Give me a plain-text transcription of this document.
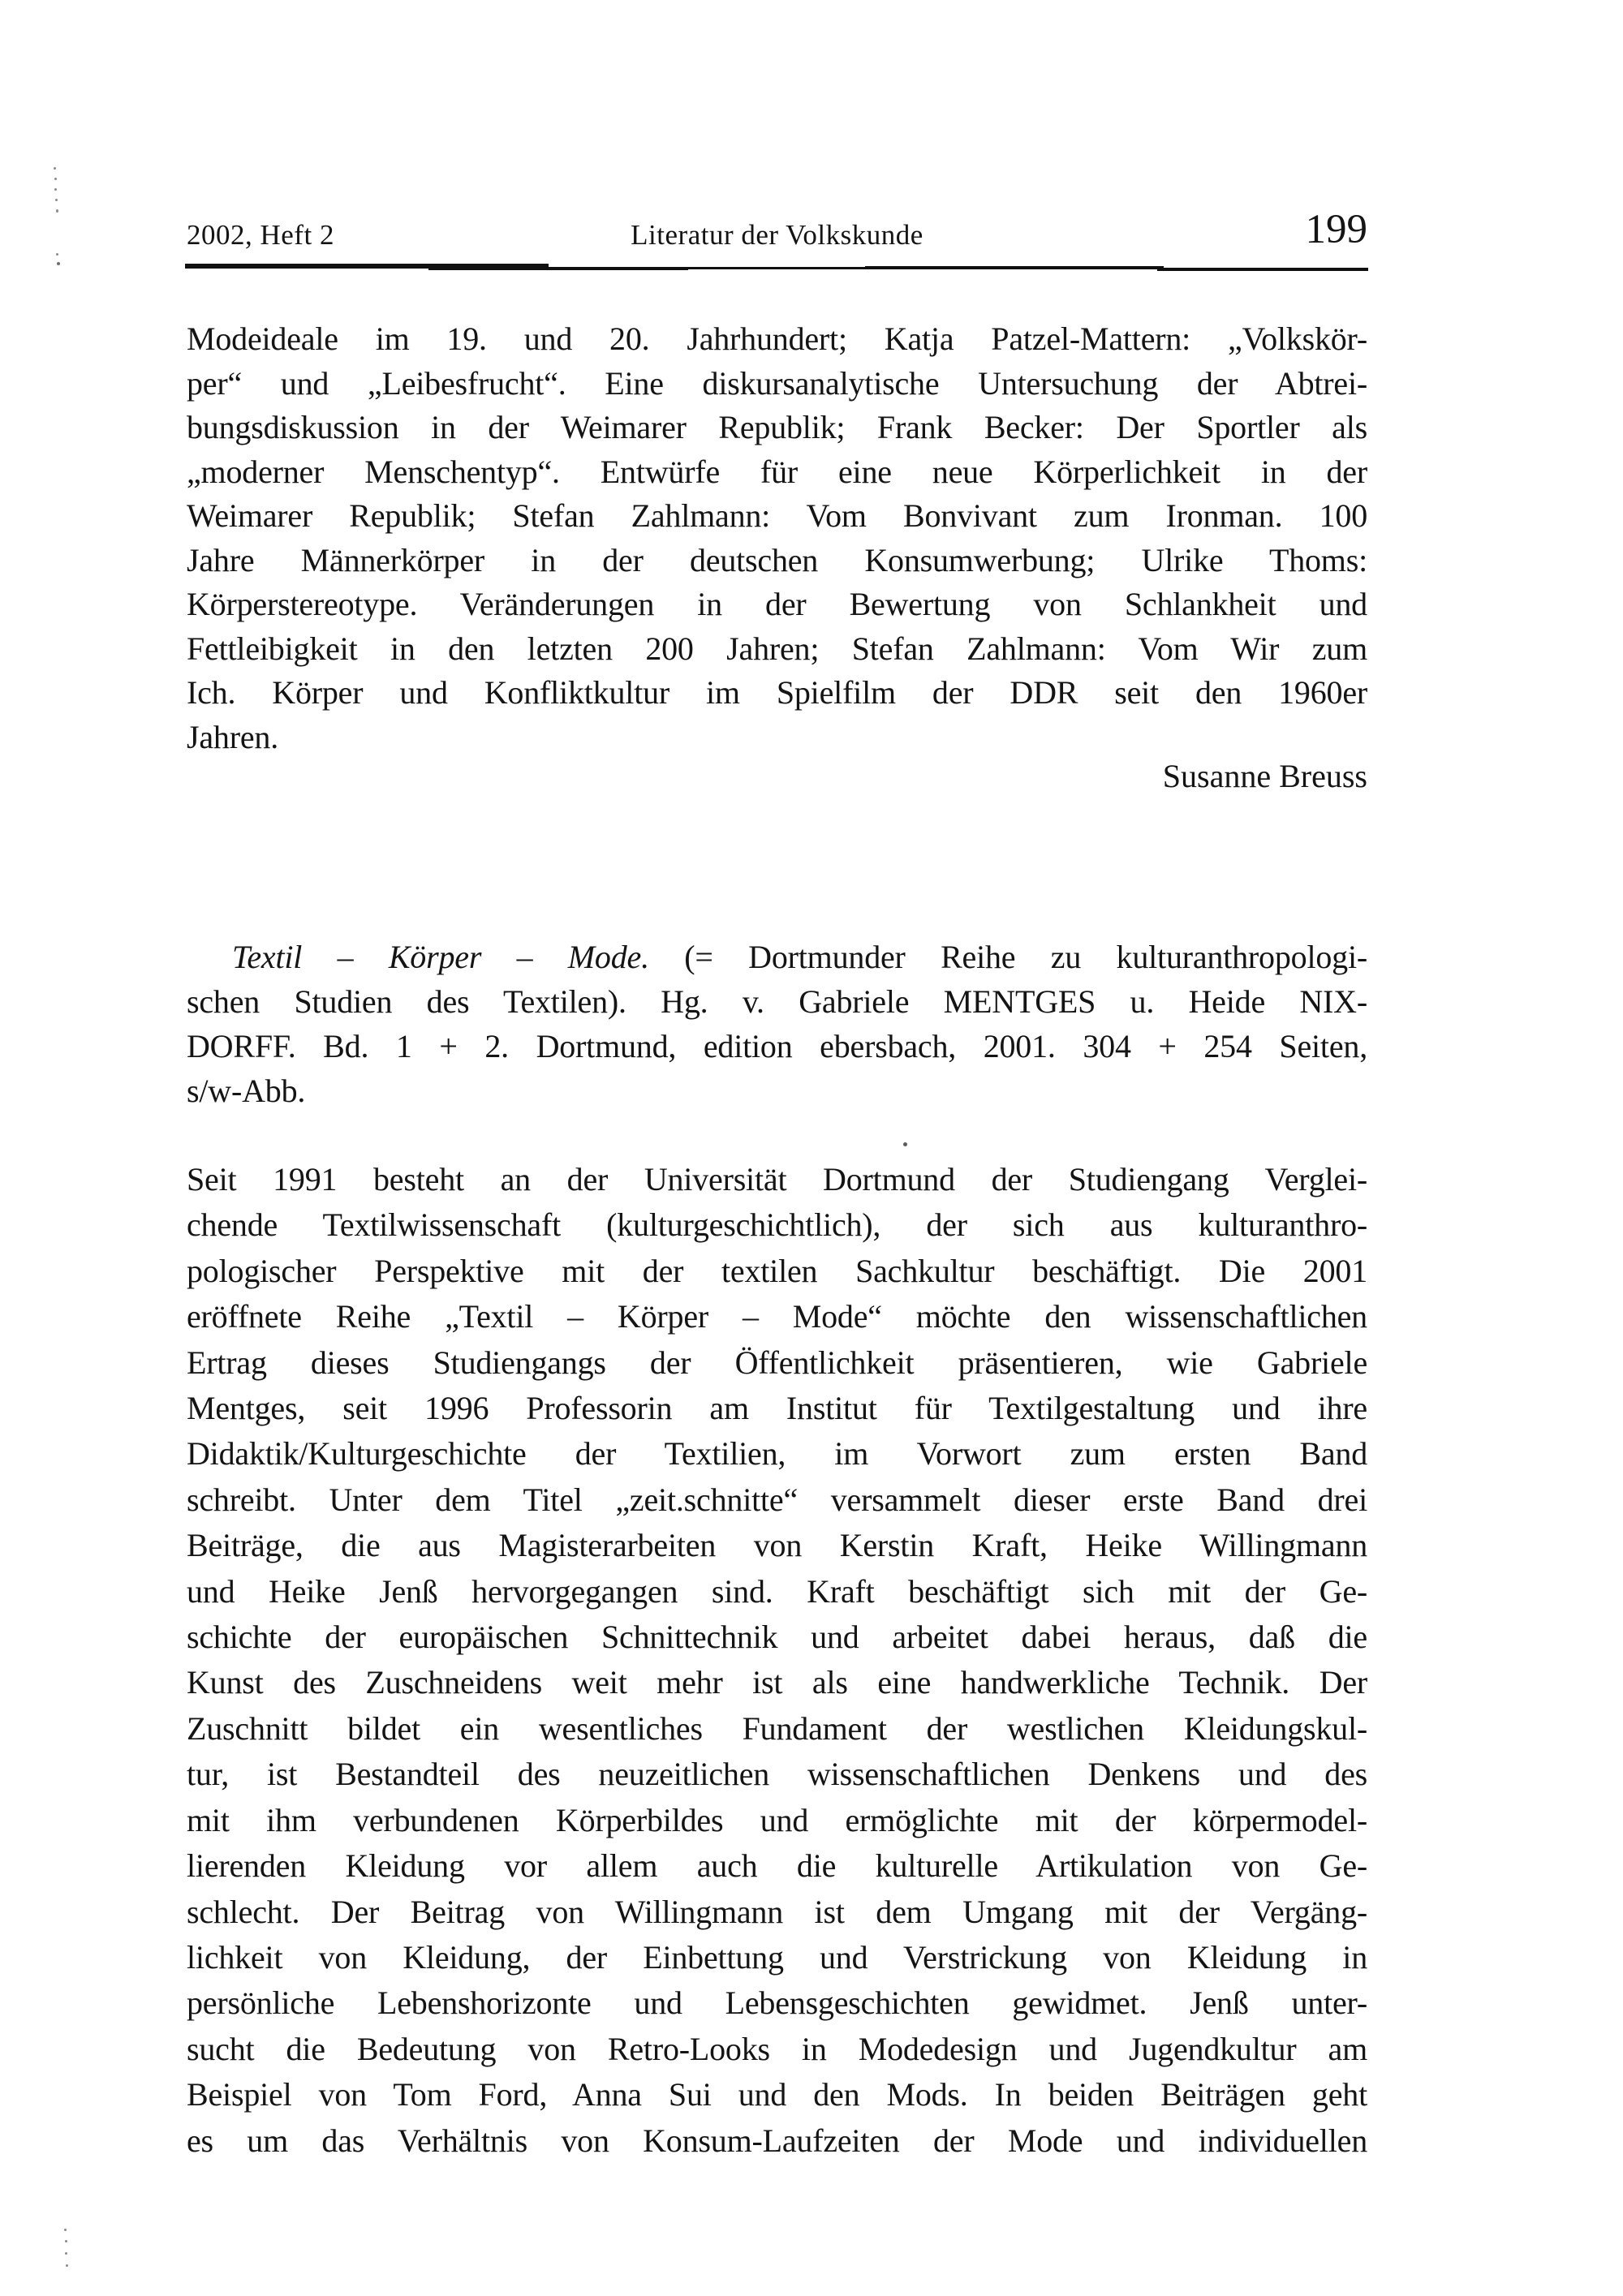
2002, Heft 2	Literatur der Volkskunde	199
Modeideale im 19. und 20. Jahrhundert; Katja Patzel-Mattern: „Volkskör-
per“ und „Leibesfrucht“. Eine diskursanalytische Untersuchung der Abtrei-
bungsdiskussion in der Weimarer Republik; Frank Becker: Der Sportler als
„moderner Menschentyp“. Entwürfe für eine neue Körperlichkeit in der
Weimarer Republik; Stefan Zahlmann: Vom Bonvivant zum Ironman. 100
Jahre Männerkörper in der deutschen Konsumwerbung; Ulrike Thoms:
Körperstereotype. Veränderungen in der Bewertung von Schlankheit und
Fettleibigkeit in den letzten 200 Jahren; Stefan Zahlmann: Vom Wir zum
Ich. Körper und Konfliktkultur im Spielfilm der DDR seit den 1960er
Jahren.
Susanne Breuss
Textil – Körper – Mode. (= Dortmunder Reihe zu kulturanthropologi-
schen Studien des Textilen). Hg. v. Gabriele MENTGES u. Heide NIX-
DORFF. Bd. 1 + 2. Dortmund, edition ebersbach, 2001. 304 + 254 Seiten,
s/w-Abb.
Seit 1991 besteht an der Universität Dortmund der Studiengang Verglei-
chende Textilwissenschaft (kulturgeschichtlich), der sich aus kulturanthro-
pologischer Perspektive mit der textilen Sachkultur beschäftigt. Die 2001
eröffnete Reihe „Textil – Körper – Mode“ möchte den wissenschaftlichen
Ertrag dieses Studiengangs der Öffentlichkeit präsentieren, wie Gabriele
Mentges, seit 1996 Professorin am Institut für Textilgestaltung und ihre
Didaktik/Kulturgeschichte der Textilien, im Vorwort zum ersten Band
schreibt. Unter dem Titel „zeit.schnitte“ versammelt dieser erste Band drei
Beiträge, die aus Magisterarbeiten von Kerstin Kraft, Heike Willingmann
und Heike Jenß hervorgegangen sind. Kraft beschäftigt sich mit der Ge-
schichte der europäischen Schnittechnik und arbeitet dabei heraus, daß die
Kunst des Zuschneidens weit mehr ist als eine handwerkliche Technik. Der
Zuschnitt bildet ein wesentliches Fundament der westlichen Kleidungskul-
tur, ist Bestandteil des neuzeitlichen wissenschaftlichen Denkens und des
mit ihm verbundenen Körperbildes und ermöglichte mit der körpermodel-
lierenden Kleidung vor allem auch die kulturelle Artikulation von Ge-
schlecht. Der Beitrag von Willingmann ist dem Umgang mit der Vergäng-
lichkeit von Kleidung, der Einbettung und Verstrickung von Kleidung in
persönliche Lebenshorizonte und Lebensgeschichten gewidmet. Jenß unter-
sucht die Bedeutung von Retro-Looks in Modedesign und Jugendkultur am
Beispiel von Tom Ford, Anna Sui und den Mods. In beiden Beiträgen geht
es um das Verhältnis von Konsum-Laufzeiten der Mode und individuellen
